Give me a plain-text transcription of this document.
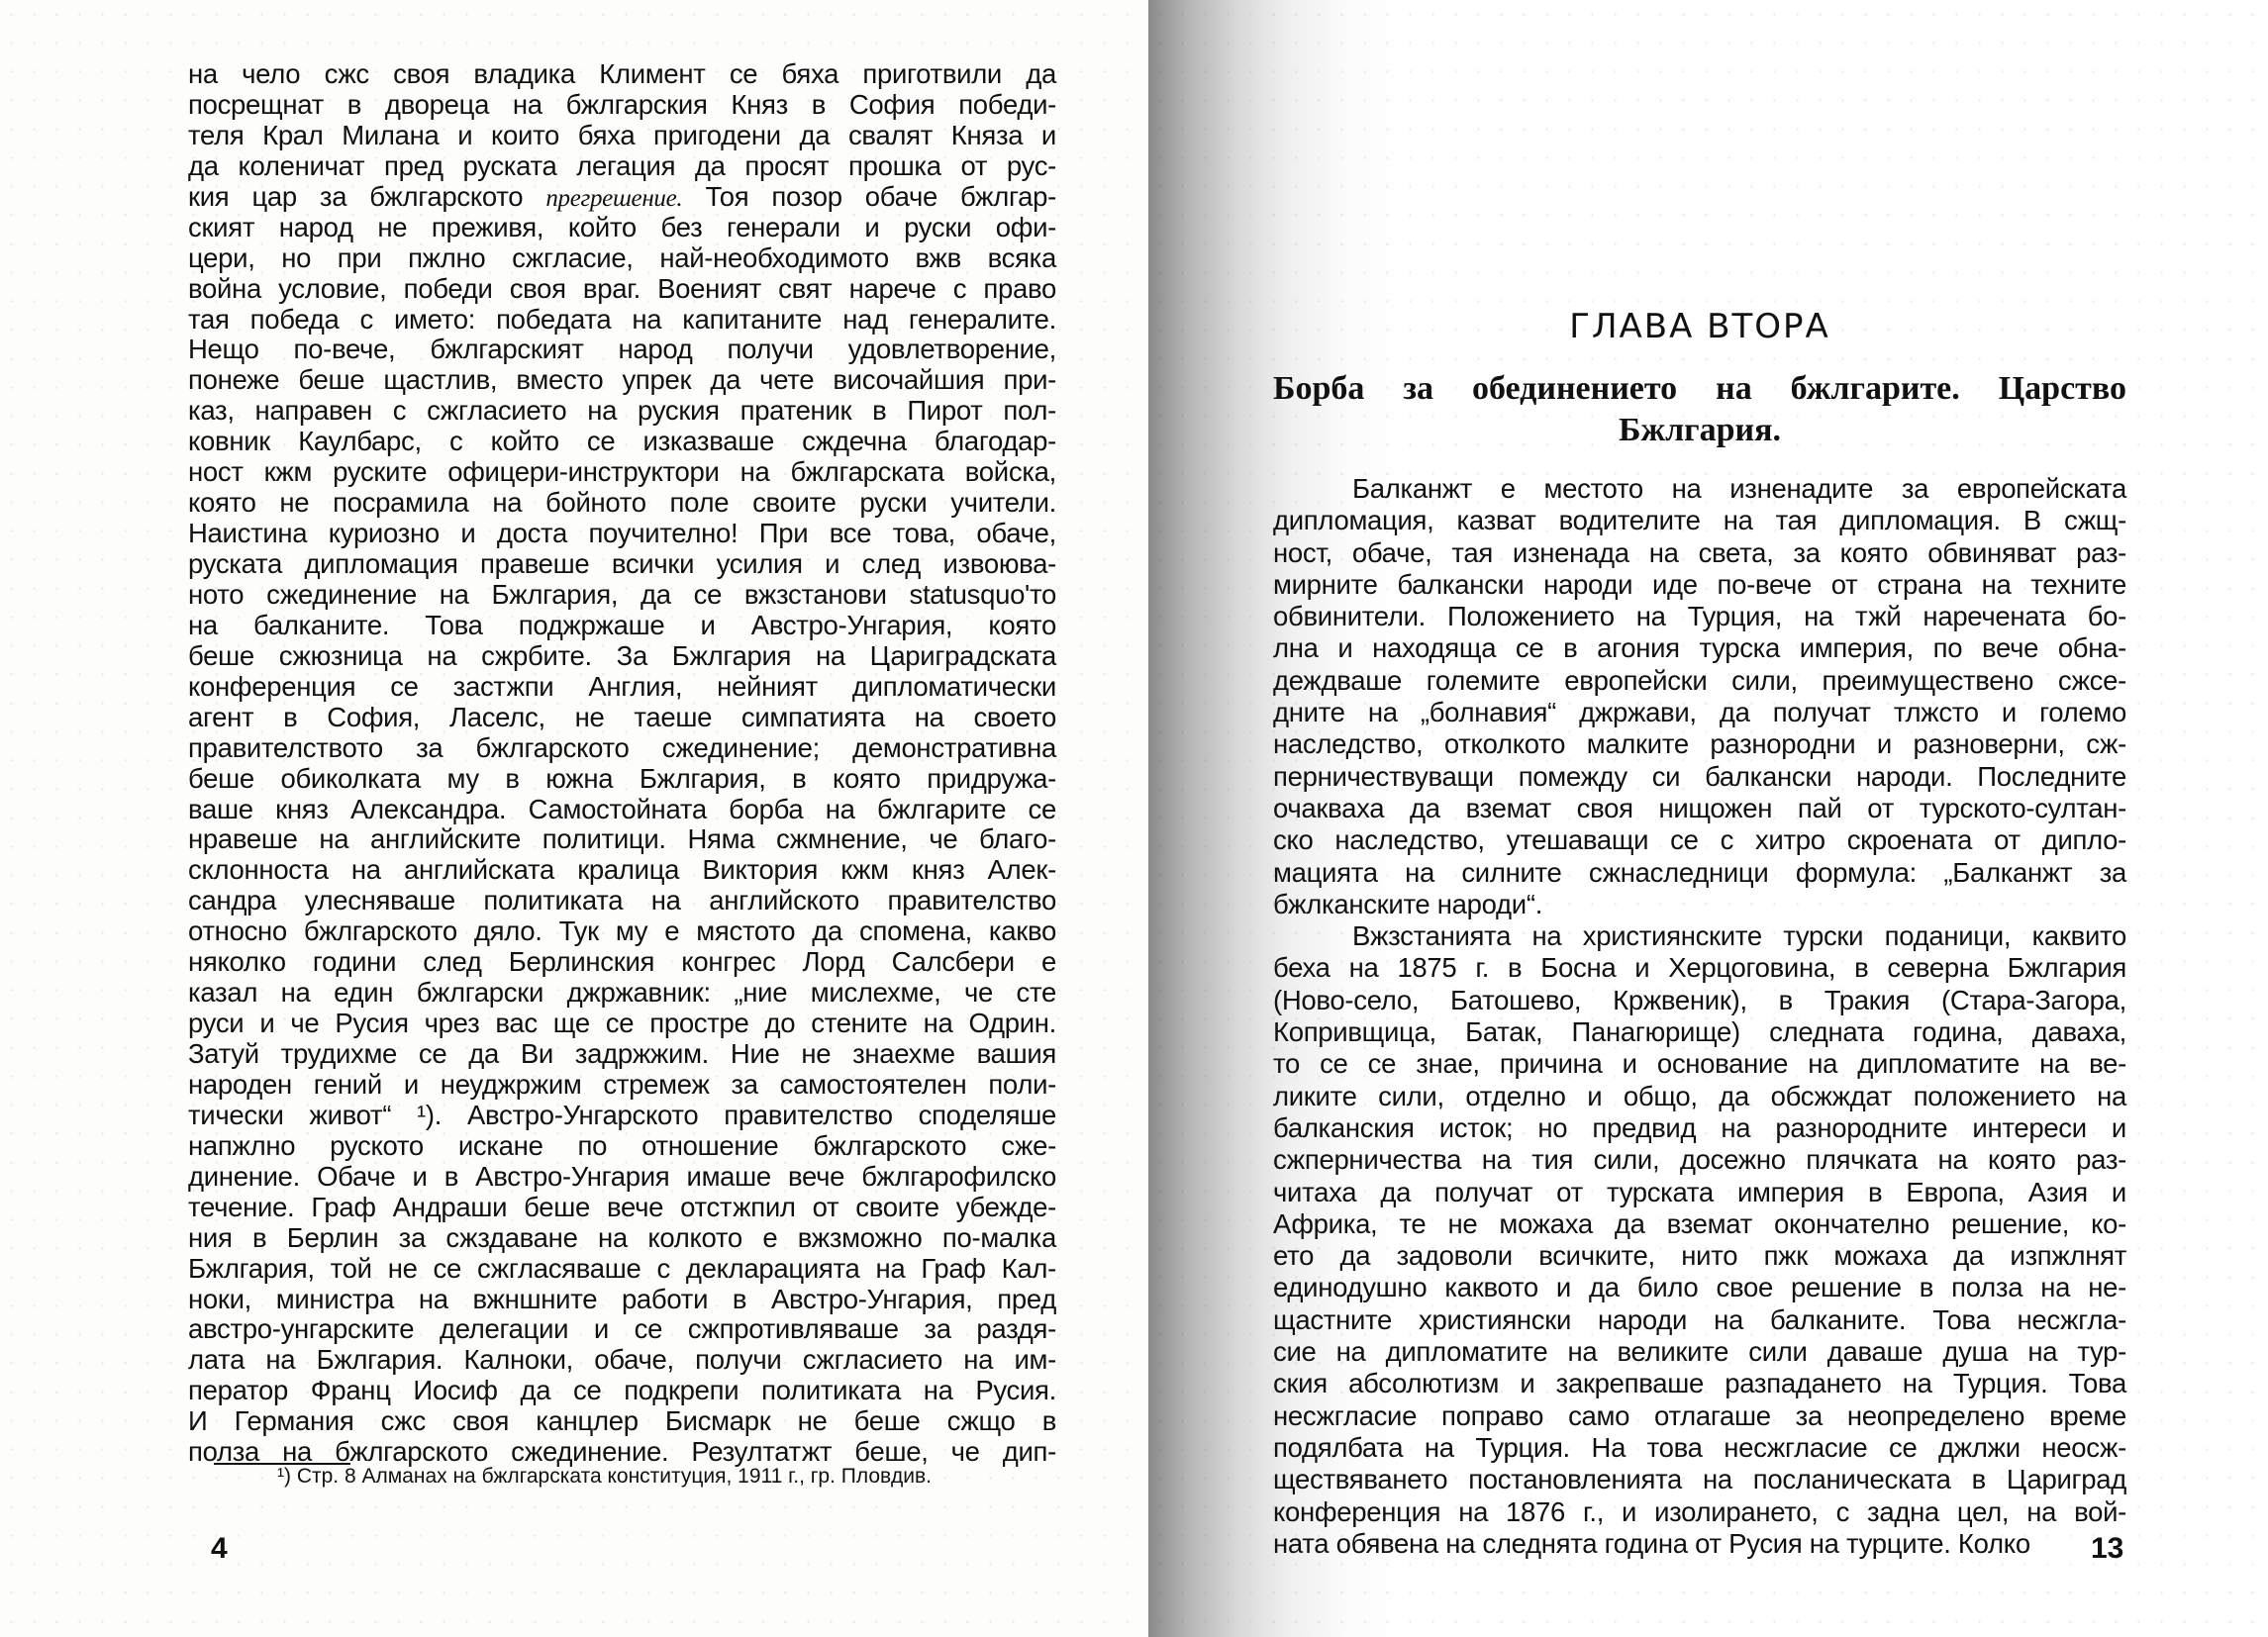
на чело сжс своя владика Климент се бяха приготвили да
посрещнат в двореца на бжлгарския Княз в София победи-
теля Крал Милана и които бяха пригодени да свалят Княза и
да коленичат пред руската легация да просят прошка от рус-
кия цар за бжлгарското прегрешение. Тоя позор обаче бжлгар-
ският народ не преживя, който без генерали и руски офи-
цери, но при пжлно сжгласие, най-необходимото вжв всяка
война условие, победи своя враг. Военият свят нарече с право
тая победа с името: победата на капитаните над генералите.
Нещо по-вече, бжлгарският народ получи удовлетворение,
понеже беше щастлив, вместо упрек да чете височайшия при-
каз, направен с сжгласието на руския пратеник в Пирот пол-
ковник Каулбарс, с който се изказваше сждечна благодар-
ност кжм руските офицери-инструктори на бжлгарската войска,
която не посрамила на бойното поле своите руски учители.
Наистина куриозно и доста поучително! При все това, обаче,
руската дипломация правеше всички усилия и след извоюва-
ното сжединение на Бжлгария, да се вжзстанови statusquo'то
на балканите. Това поджржаше и Австро-Унгария, която
беше сжюзница на сжрбите. За Бжлгария на Цариградската
конференция се застжпи Англия, нейният дипломатически
агент в София, Ласелс, не таеше симпатията на своето
правителството за бжлгарското сжединение; демонстративна
беше обиколката му в южна Бжлгария, в която придружа-
ваше княз Александра. Самостойната борба на бжлгарите се
нравеше на английските политици. Няма сжмнение, че благо-
склонноста на английската кралица Виктория кжм княз Алек-
сандра улесняваше политиката на английското правителство
относно бжлгарското дяло. Тук му е мястото да спомена, какво
няколко години след Берлинския конгрес Лорд Салсбери е
казал на един бжлгарски джржавник: „ние мислехме, че сте
руси и че Русия чрез вас ще се простре до стените на Одрин.
Затуй трудихме се да Ви задржжим. Ние не знаехме вашия
народен гений и неуджржим стремеж за самостоятелен поли-
тически живот“ ¹). Австро-Унгарското правителство споделяше
напжлно руското искане по отношение бжлгарското сже-
динение. Обаче и в Австро-Унгария имаше вече бжлгарофилско
течение. Граф Андраши беше вече отстжпил от своите убежде-
ния в Берлин за сжздаване на колкото е вжзможно по-малка
Бжлгария, той не се сжгласяваше с декларацията на Граф Кал-
ноки, министра на вжншните работи в Австро-Унгария, пред
австро-унгарските делегации и се сжпротивляваше за раздя-
лата на Бжлгария. Калноки, обаче, получи сжгласието на им-
ператор Франц Иосиф да се подкрепи политиката на Русия.
И Германия сжс своя канцлер Бисмарк не беше сжщо в
полза на бжлгарското сжединение. Резултатжт беше, че дип-
¹) Стр. 8 Алманах на бжлгарската конституция, 1911 г., гр. Пловдив.
4
ГЛАВА ВТОРА
Борба за обединението на бжлгарите. Царство
Бжлгария.
Балканжт е местото на изненадите за европейската
дипломация, казват водителите на тая дипломация. В сжщ-
ност, обаче, тая изненада на света, за която обвиняват раз-
мирните балкански народи иде по-вече от страна на техните
обвинители. Положението на Турция, на тжй наречената бо-
лна и находяща се в агония турска империя, по вече обна-
деждваше големите европейски сили, преимуществено сжсе-
дните на „болнавия“ джржави, да получат тлжсто и големо
наследство, отколкото малките разнородни и разноверни, сж-
перничествуващи помежду си балкански народи. Последните
очакваха да вземат своя нищожен пай от турското-султан-
ско наследство, утешаващи се с хитро скроената от дипло-
мацията на силните сжнаследници формула: „Балканжт за
бжлканските народи“.
Вжзстанията на християнските турски поданици, каквито
беха на 1875 г. в Босна и Херцоговина, в северна Бжлгария
(Ново-село, Батошево, Кржвеник), в Тракия (Стара-Загора,
Копривщица, Батак, Панагюрище) следната година, даваха,
то се се знае, причина и основание на дипломатите на ве-
ликите сили, отделно и общо, да обсжждат положението на
балканския исток; но предвид на разнородните интереси и
сжперничества на тия сили, досежно плячката на която раз-
читаха да получат от турската империя в Европа, Азия и
Африка, те не можаха да вземат окончателно решение, ко-
ето да задоволи всичките, нито пжк можаха да изпжлнят
единодушно каквото и да било свое решение в полза на не-
щастните християнски народи на балканите. Това несжгла-
сие на дипломатите на великите сили даваше душа на тур-
ския абсолютизм и закрепваше разпадането на Турция. Това
несжгласие поправо само отлагаше за неопределено време
подялбата на Турция. На това несжгласие се джлжи неосж-
ществяването постановленията на посланическата в Цариград
конференция на 1876 г., и изолирането, с задна цел, на вой-
ната обявена на следнята година от Русия на турците. Колко	13
